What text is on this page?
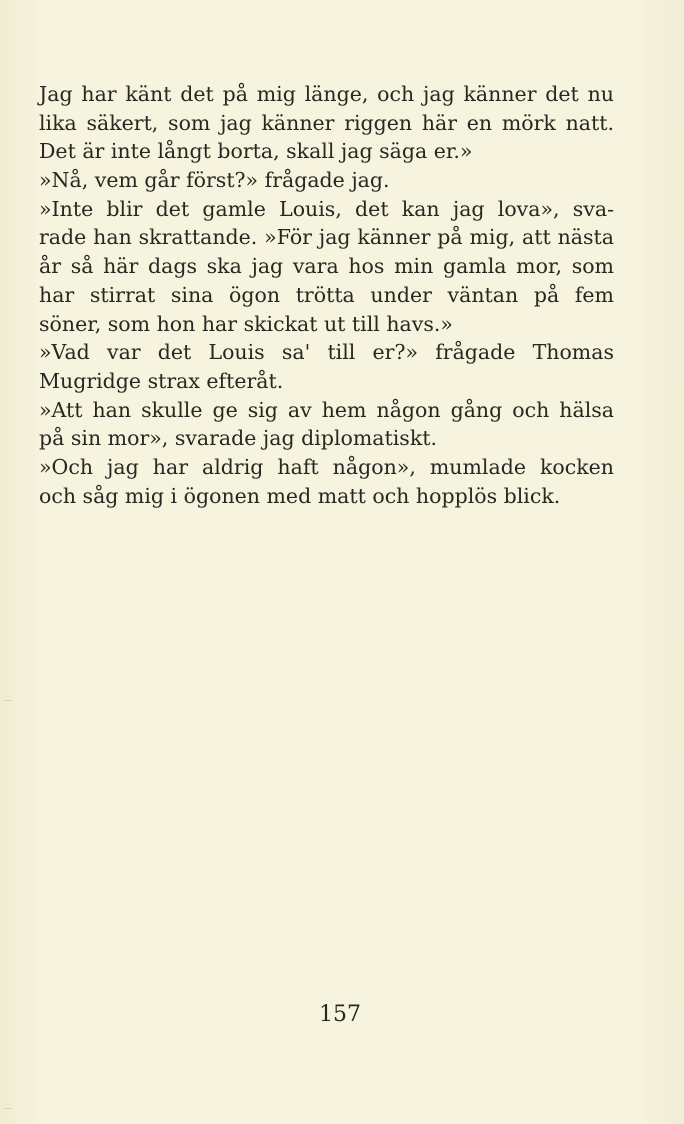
Jag har känt det på mig länge, och jag känner det nu
lika säkert, som jag känner riggen här en mörk natt.
Det är inte långt borta, skall jag säga er.»
»Nå, vem går först?» frågade jag.
»Inte blir det gamle Louis, det kan jag lova», sva-
rade han skrattande. »För jag känner på mig, att nästa
år så här dags ska jag vara hos min gamla mor, som
har stirrat sina ögon trötta under väntan på fem
söner, som hon har skickat ut till havs.»
»Vad var det Louis sa' till er?» frågade Thomas
Mugridge strax efteråt.
»Att han skulle ge sig av hem någon gång och hälsa
på sin mor», svarade jag diplomatiskt.
»Och jag har aldrig haft någon», mumlade kocken
och såg mig i ögonen med matt och hopplös blick.
157
